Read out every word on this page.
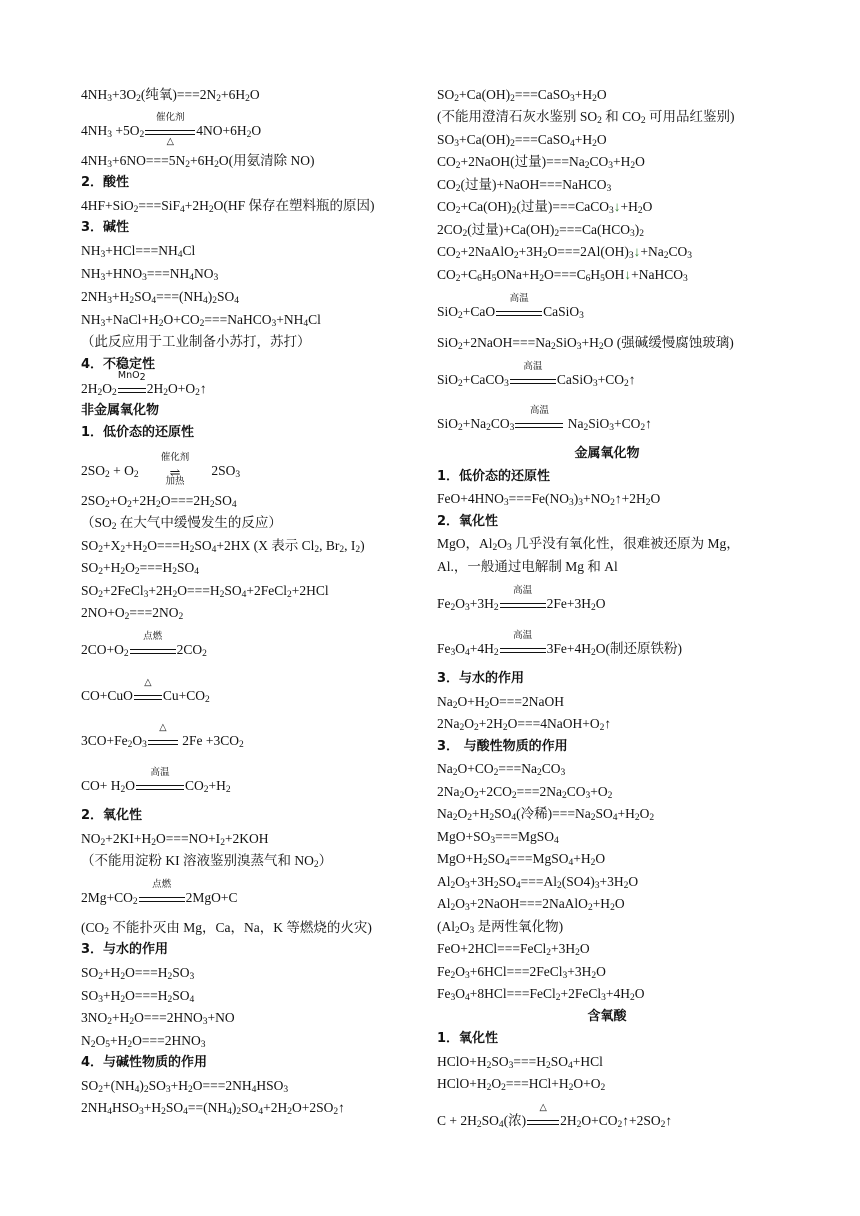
$4NH_3+3O_2$(纯氧)$===2N_2+6H_2O$
$4NH_3 +5O_2$
催化剂
△
$4NO+6H_2O$
$4NH_3+6NO===5N_2+6H_2O$(用氨清除 NO)
2．酸性
$4HF+SiO_2===SiF_4+2H_2O(HF$ 保存在塑料瓶的原因)
3．碱性
$NH_3+HCl===NH_4Cl$
$NH_3+HNO_3===NH_4NO_3$
$2NH_3+H_2SO_4===(NH_4)_2SO_4$
$NH_3+NaCl+H_2O+CO_2===NaHCO_3+NH_4Cl$
（此反应用于工业制备小苏打，苏打）
4．不稳定性
$2H_2O_2$
MnO$_2$
$2H_2O+O_2↑$
非金属氧化物
1．低价态的还原性
$2SO_2 + O_2$
催化剂
⇌
加热
$2SO_3$
$2SO_2+O_2+2H_2O===2H_2SO_4$
（$SO_2$ 在大气中缓慢发生的反应）
$SO_2+X_2+H_2O===H_2SO_4+2HX$ (X 表示 $Cl_2$, $Br_2$, $I_2$)
$SO_2+H_2O_2===H_2SO_4$
$SO_2+2FeCl_3+2H_2O===H_2SO_4+2FeCl_2+2HCl$
$2NO+O_2===2NO_2$
$2CO+O_2$
点燃
$2CO_2$
CO+CuO
△
$Cu+CO_2$
$3CO+Fe_2O_3$
△
$2Fe +3CO_2$
$CO+ H_2O$
高温
$CO_2+H_2$
2．氧化性
$NO_2+2KI+H_2O===NO+I_2+2KOH$
（不能用淀粉 KI 溶液鉴别溴蒸气和 $NO_2$）
$2Mg+CO_2$
点燃
2MgO+C
($CO_2$ 不能扑灭由 Mg，Ca，Na，K 等燃烧的火灾)
3．与水的作用
$SO_2+H_2O===H_2SO_3$
$SO_3+H_2O===H_2SO_4$
$3NO_2+H_2O===2HNO_3+NO$
$N_2O_5+H_2O===2HNO_3$
4．与碱性物质的作用
$SO_2+(NH_4)_2SO_3+H_2O===2NH_4HSO_3$
$2NH_4HSO_3+H_2SO_4==(NH_4)_2SO_4+2H_2O+2SO_2↑$
$SO_2+Ca(OH)_2===CaSO_3+H_2O$
(不能用澄清石灰水鉴别 $SO_2$ 和 $CO_2$ 可用品红鉴别)
$SO_3+Ca(OH)_2===CaSO_4+H_2O$
$CO_2+2NaOH$(过量)$===Na_2CO_3+H_2O$
$CO_2$(过量)+NaOH===NaHCO$_3$
$CO_2+Ca(OH)_2$(过量)$===CaCO_3↓+H_2O$
$2CO_2$(过量)$+Ca(OH)_2===Ca(HCO_3)_2$
$CO_2+2NaAlO_2+3H_2O===2Al(OH)_3↓+Na_2CO_3$
$CO_2+C_6H_5ONa+H_2O===C_6H_5OH↓+NaHCO_3$
SiO$_2$+CaO
高温
CaSiO$_3$
$SiO_2+2NaOH===Na_2SiO_3+H_2O$ (强碱缓慢腐蚀玻璃)
SiO$_2$+CaCO$_3$
高温
$CaSiO_3+CO_2↑$
$SiO_2+Na_2CO_3$
高温
$Na_2SiO_3+CO_2↑$
金属氧化物
1．低价态的还原性
$FeO+4HNO_3===Fe(NO_3)_3+NO_2↑+2H_2O$
2．氧化性
MgO，$Al_2O_3$ 几乎没有氧化性，很难被还原为 Mg，
Al.，一般通过电解制 Mg 和 Al
$Fe_2O_3+3H_2$
高温
$2Fe+3H_2O$
$Fe_3O_4+4H_2$
高温
$3Fe+4H_2O$(制还原铁粉)
3．与水的作用
$Na_2O+H_2O===2NaOH$
$2Na_2O_2+2H_2O===4NaOH+O_2↑$
3． 与酸性物质的作用
$Na_2O+CO_2===Na_2CO_3$
$2Na_2O_2+2CO_2===2Na_2CO_3+O_2$
$Na_2O_2+H_2SO_4$(冷稀)$===Na_2SO_4+H_2O_2$
$MgO+SO_3===MgSO_4$
$MgO+H_2SO_4===MgSO_4+H_2O$
$Al_2O_3+3H_2SO_4===Al_2(SO4)_3+3H_2O$
$Al_2O_3+2NaOH===2NaAlO_2+H_2O$
($Al_2O_3$ 是两性氧化物)
$FeO+2HCl===FeCl_2+3H_2O$
$Fe_2O_3+6HCl===2FeCl_3+3H_2O$
$Fe_3O_4+8HCl===FeCl_2+2FeCl_3+4H_2O$
含氧酸
1．氧化性
$HClO+H_2SO_3===H_2SO_4+HCl$
$HClO+H_2O_2===HCl+H_2O+O_2$
$C + 2H_2SO_4$(浓)
△
$2H_2O+CO_2↑+2SO_2↑$
